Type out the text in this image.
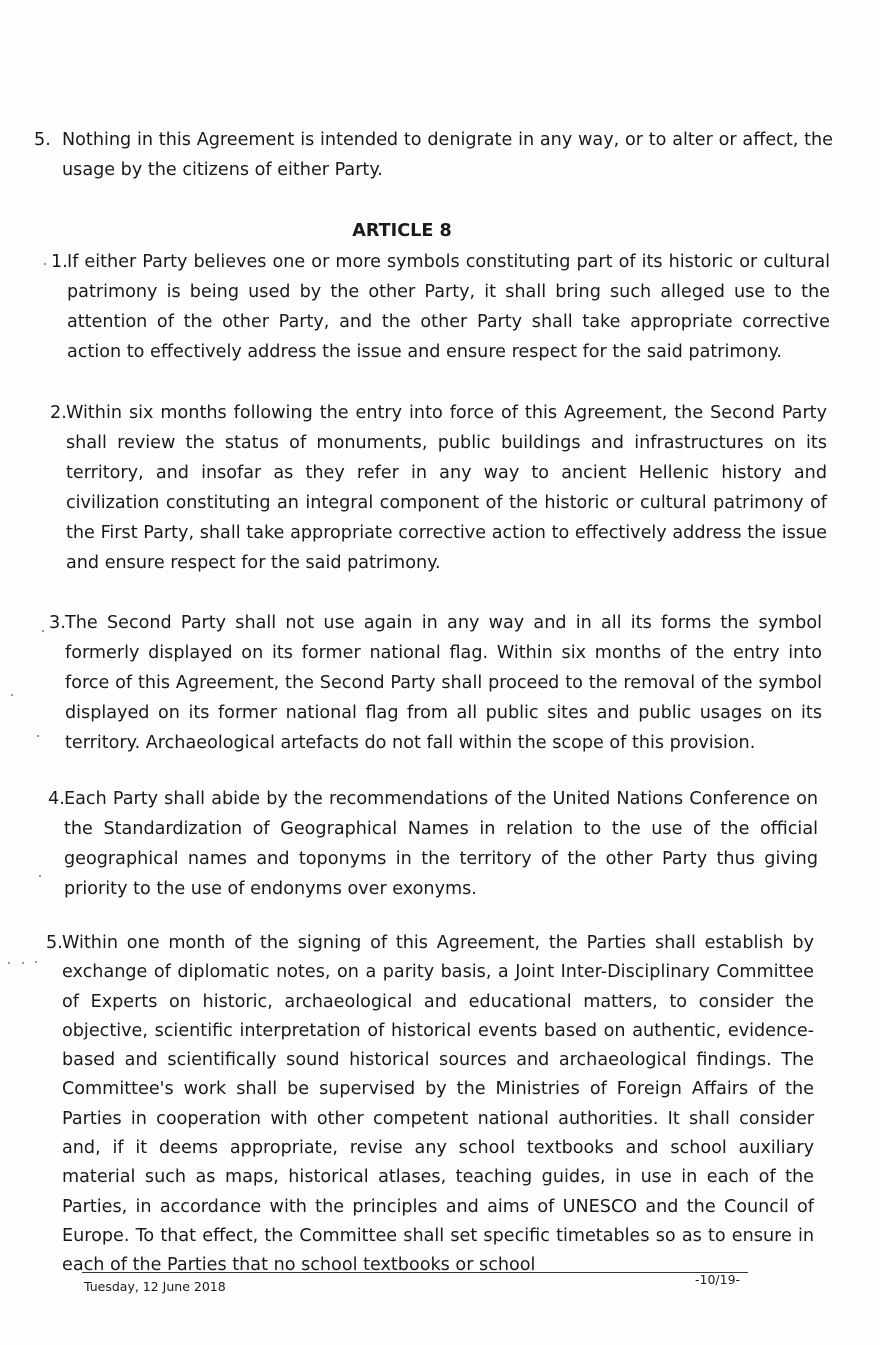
5. Nothing in this Agreement is intended to denigrate in any way, or to alter or affect, the usage by the citizens of either Party.

ARTICLE 8

1. If either Party believes one or more symbols constituting part of its historic or cultural patrimony is being used by the other Party, it shall bring such alleged use to the attention of the other Party, and the other Party shall take appropriate corrective action to effectively address the issue and ensure respect for the said patrimony.

2. Within six months following the entry into force of this Agreement, the Second Party shall review the status of monuments, public buildings and infrastructures on its territory, and insofar as they refer in any way to ancient Hellenic history and civilization constituting an integral component of the historic or cultural patrimony of the First Party, shall take appropriate corrective action to effectively address the issue and ensure respect for the said patrimony.

3. The Second Party shall not use again in any way and in all its forms the symbol formerly displayed on its former national flag. Within six months of the entry into force of this Agreement, the Second Party shall proceed to the removal of the symbol displayed on its former national flag from all public sites and public usages on its territory. Archaeological artefacts do not fall within the scope of this provision.

4. Each Party shall abide by the recommendations of the United Nations Conference on the Standardization of Geographical Names in relation to the use of the official geographical names and toponyms in the territory of the other Party thus giving priority to the use of endonyms over exonyms.

5. Within one month of the signing of this Agreement, the Parties shall establish by exchange of diplomatic notes, on a parity basis, a Joint Inter-Disciplinary Committee of Experts on historic, archaeological and educational matters, to consider the objective, scientific interpretation of historical events based on authentic, evidence-based and scientifically sound historical sources and archaeological findings. The Committee's work shall be supervised by the Ministries of Foreign Affairs of the Parties in cooperation with other competent national authorities. It shall consider and, if it deems appropriate, revise any school textbooks and school auxiliary material such as maps, historical atlases, teaching guides, in use in each of the Parties, in accordance with the principles and aims of UNESCO and the Council of Europe. To that effect, the Committee shall set specific timetables so as to ensure in each of the Parties that no school textbooks or school

Tuesday, 12 June 2018	-10/19-
